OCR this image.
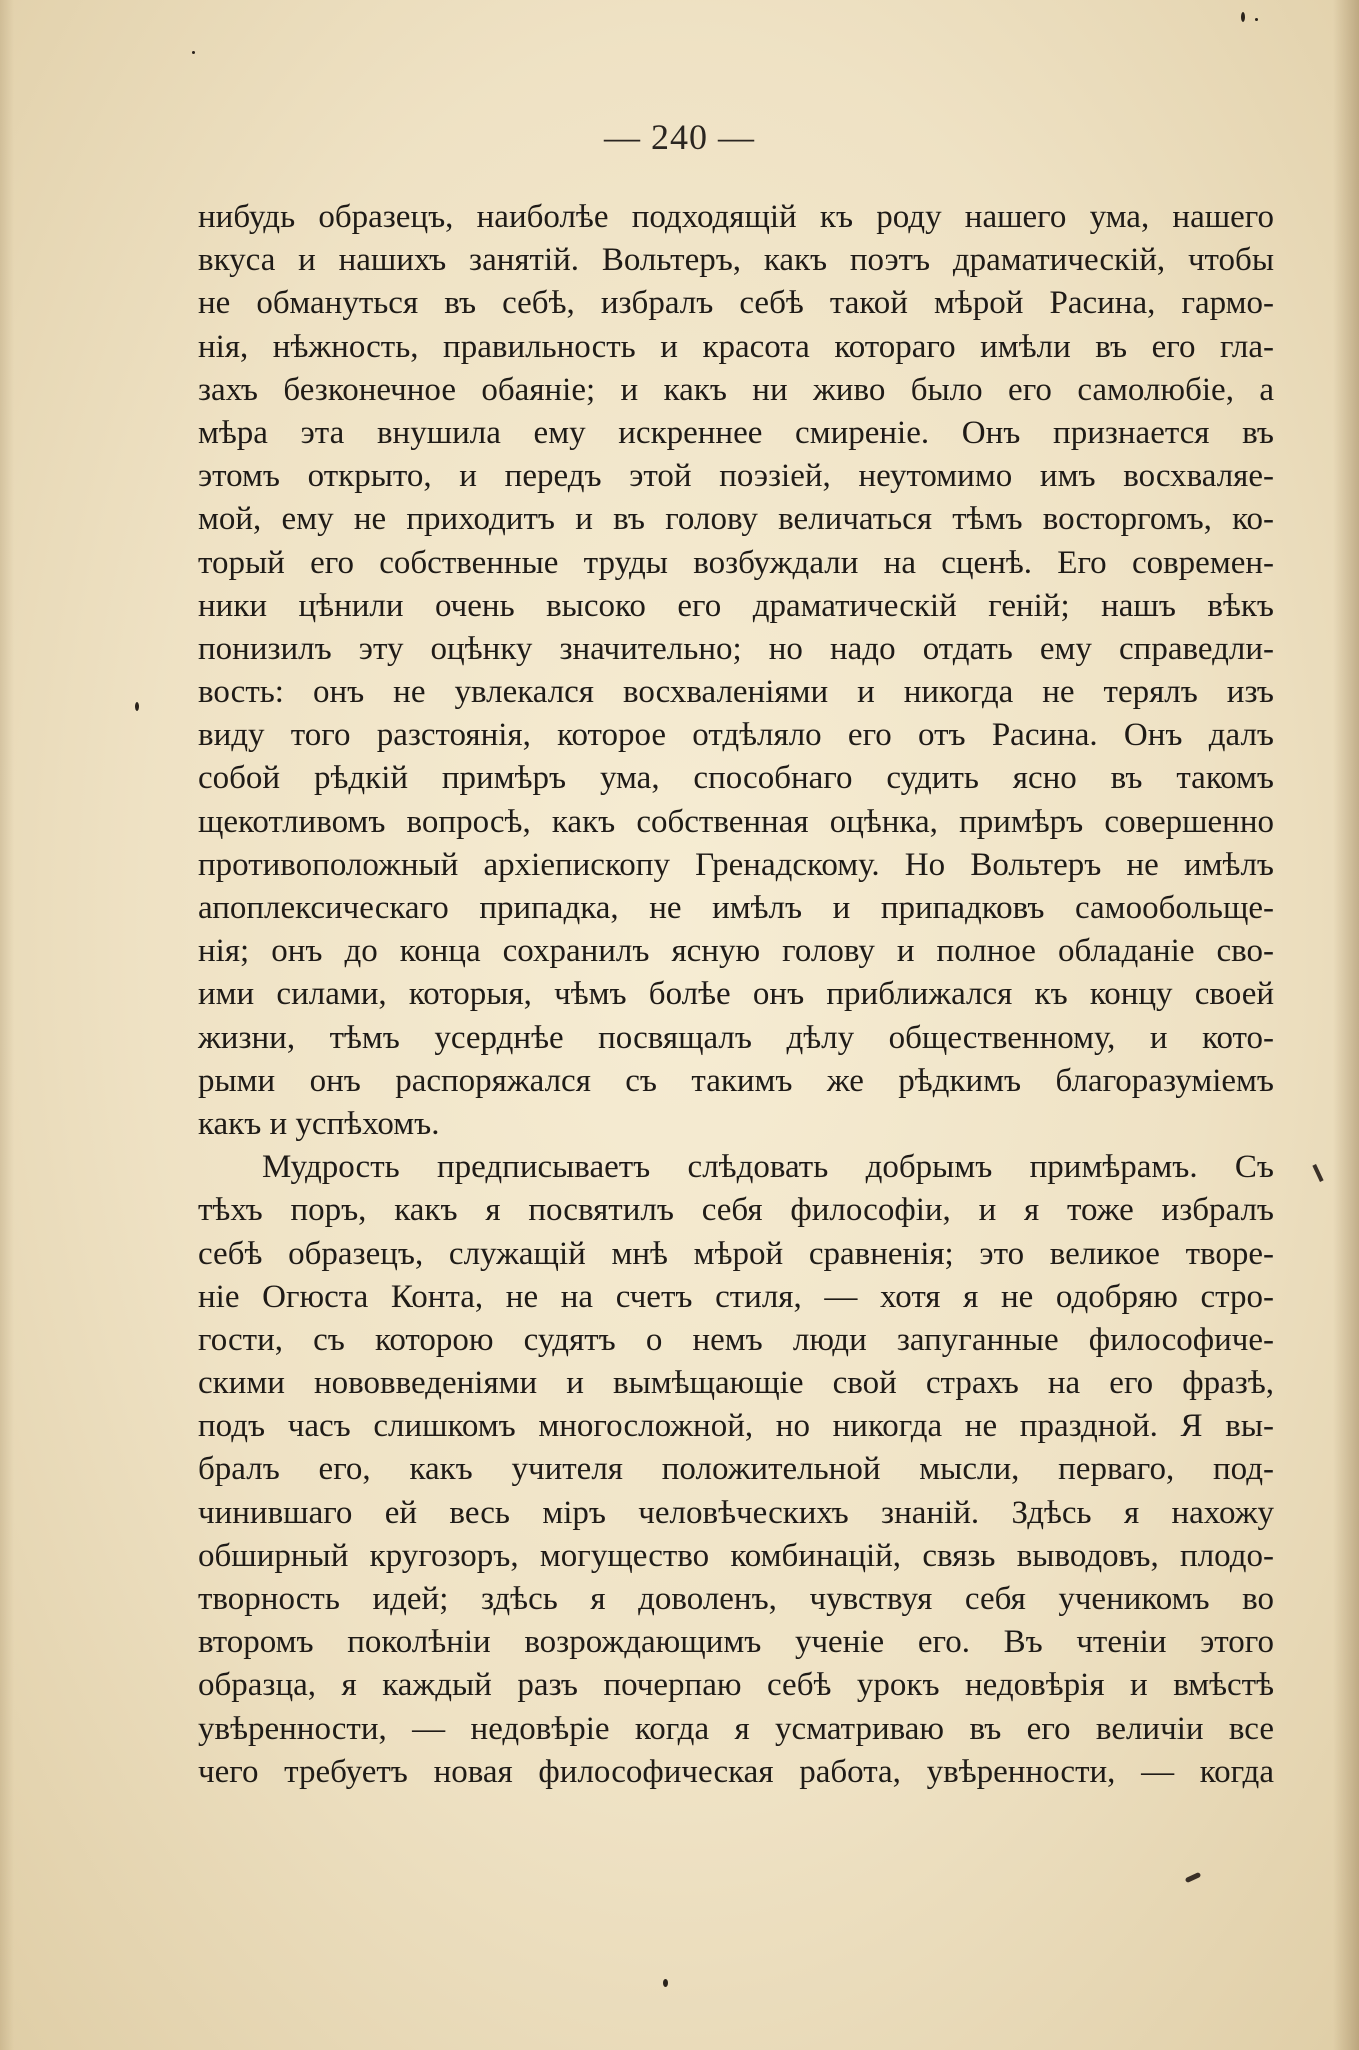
— 240 —
нибудь образецъ, наиболѣе подходящій къ роду нашего ума, нашего
вкуса и нашихъ занятій. Вольтеръ, какъ поэтъ драматическій, чтобы
не обмануться въ себѣ, избралъ себѣ такой мѣрой Расина, гармо-
нія, нѣжность, правильность и красота котораго имѣли въ его гла-
захъ безконечное обаяніе; и какъ ни живо было его самолюбіе, а
мѣра эта внушила ему искреннее смиреніе. Онъ признается въ
этомъ открыто, и передъ этой поэзіей, неутомимо имъ восхваляе-
мой, ему не приходитъ и въ голову величаться тѣмъ восторгомъ, ко-
торый его собственные труды возбуждали на сценѣ. Его современ-
ники цѣнили очень высоко его драматическій геній; нашъ вѣкъ
понизилъ эту оцѣнку значительно; но надо отдать ему справедли-
вость: онъ не увлекался восхваленіями и никогда не терялъ изъ
виду того разстоянія, которое отдѣляло его отъ Расина. Онъ далъ
собой рѣдкій примѣръ ума, способнаго судить ясно въ такомъ
щекотливомъ вопросѣ, какъ собственная оцѣнка, примѣръ совершенно
противоположный архіепископу Гренадскому. Но Вольтеръ не имѣлъ
апоплексическаго припадка, не имѣлъ и припадковъ самообольще-
нія; онъ до конца сохранилъ ясную голову и полное обладаніе сво-
ими силами, которыя, чѣмъ болѣе онъ приближался къ концу своей
жизни, тѣмъ усерднѣе посвящалъ дѣлу общественному, и кото-
рыми онъ распоряжался съ такимъ же рѣдкимъ благоразуміемъ
какъ и успѣхомъ.
Мудрость предписываетъ слѣдовать добрымъ примѣрамъ. Съ
тѣхъ поръ, какъ я посвятилъ себя философіи, и я тоже избралъ
себѣ образецъ, служащій мнѣ мѣрой сравненія; это великое творе-
ніе Огюста Конта, не на счетъ стиля, — хотя я не одобряю стро-
гости, съ которою судятъ о немъ люди запуганные философиче-
скими нововведеніями и вымѣщающіе свой страхъ на его фразѣ,
подъ часъ слишкомъ многосложной, но никогда не праздной. Я вы-
бралъ его, какъ учителя положительной мысли, перваго, под-
чинившаго ей весь міръ человѣческихъ знаній. Здѣсь я нахожу
обширный кругозоръ, могущество комбинацій, связь выводовъ, плодо-
творность идей; здѣсь я доволенъ, чувствуя себя ученикомъ во
второмъ поколѣніи возрождающимъ ученіе его. Въ чтеніи этого
образца, я каждый разъ почерпаю себѣ урокъ недовѣрія и вмѣстѣ
увѣренности, — недовѣріе когда я усматриваю въ его величіи все
чего требуетъ новая философическая работа, увѣренности, — когда
